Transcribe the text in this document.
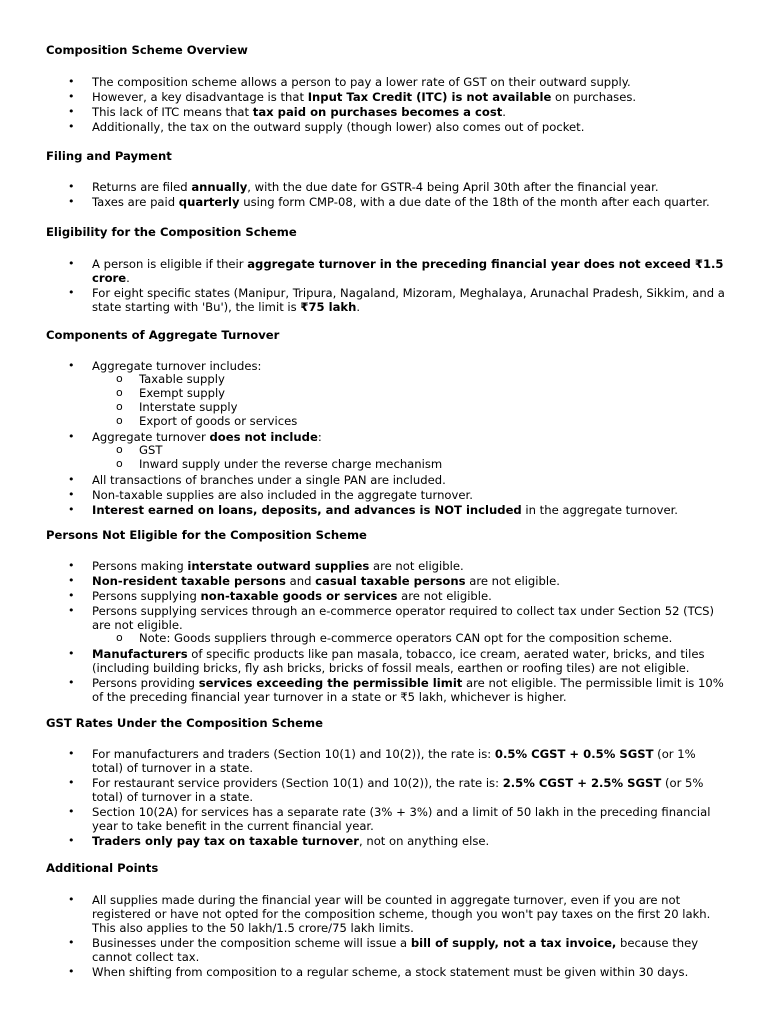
Composition Scheme Overview
• The composition scheme allows a person to pay a lower rate of GST on their outward supply.
• However, a key disadvantage is that Input Tax Credit (ITC) is not available on purchases.
• This lack of ITC means that tax paid on purchases becomes a cost.
• Additionally, the tax on the outward supply (though lower) also comes out of pocket.
Filing and Payment
• Returns are filed annually, with the due date for GSTR-4 being April 30th after the financial year.
• Taxes are paid quarterly using form CMP-08, with a due date of the 18th of the month after each quarter.
Eligibility for the Composition Scheme
• A person is eligible if their aggregate turnover in the preceding financial year does not exceed ₹1.5 crore.
• For eight specific states (Manipur, Tripura, Nagaland, Mizoram, Meghalaya, Arunachal Pradesh, Sikkim, and a state starting with 'Bu'), the limit is ₹75 lakh.
Components of Aggregate Turnover
• Aggregate turnover includes:
o Taxable supply
o Exempt supply
o Interstate supply
o Export of goods or services
• Aggregate turnover does not include:
o GST
o Inward supply under the reverse charge mechanism
• All transactions of branches under a single PAN are included.
• Non-taxable supplies are also included in the aggregate turnover.
• Interest earned on loans, deposits, and advances is NOT included in the aggregate turnover.
Persons Not Eligible for the Composition Scheme
• Persons making interstate outward supplies are not eligible.
• Non-resident taxable persons and casual taxable persons are not eligible.
• Persons supplying non-taxable goods or services are not eligible.
• Persons supplying services through an e-commerce operator required to collect tax under Section 52 (TCS) are not eligible.
o Note: Goods suppliers through e-commerce operators CAN opt for the composition scheme.
• Manufacturers of specific products like pan masala, tobacco, ice cream, aerated water, bricks, and tiles (including building bricks, fly ash bricks, bricks of fossil meals, earthen or roofing tiles) are not eligible.
• Persons providing services exceeding the permissible limit are not eligible. The permissible limit is 10% of the preceding financial year turnover in a state or ₹5 lakh, whichever is higher.
GST Rates Under the Composition Scheme
• For manufacturers and traders (Section 10(1) and 10(2)), the rate is: 0.5% CGST + 0.5% SGST (or 1% total) of turnover in a state.
• For restaurant service providers (Section 10(1) and 10(2)), the rate is: 2.5% CGST + 2.5% SGST (or 5% total) of turnover in a state.
• Section 10(2A) for services has a separate rate (3% + 3%) and a limit of 50 lakh in the preceding financial year to take benefit in the current financial year.
• Traders only pay tax on taxable turnover, not on anything else.
Additional Points
• All supplies made during the financial year will be counted in aggregate turnover, even if you are not registered or have not opted for the composition scheme, though you won't pay taxes on the first 20 lakh. This also applies to the 50 lakh/1.5 crore/75 lakh limits.
• Businesses under the composition scheme will issue a bill of supply, not a tax invoice, because they cannot collect tax.
• When shifting from composition to a regular scheme, a stock statement must be given within 30 days.
